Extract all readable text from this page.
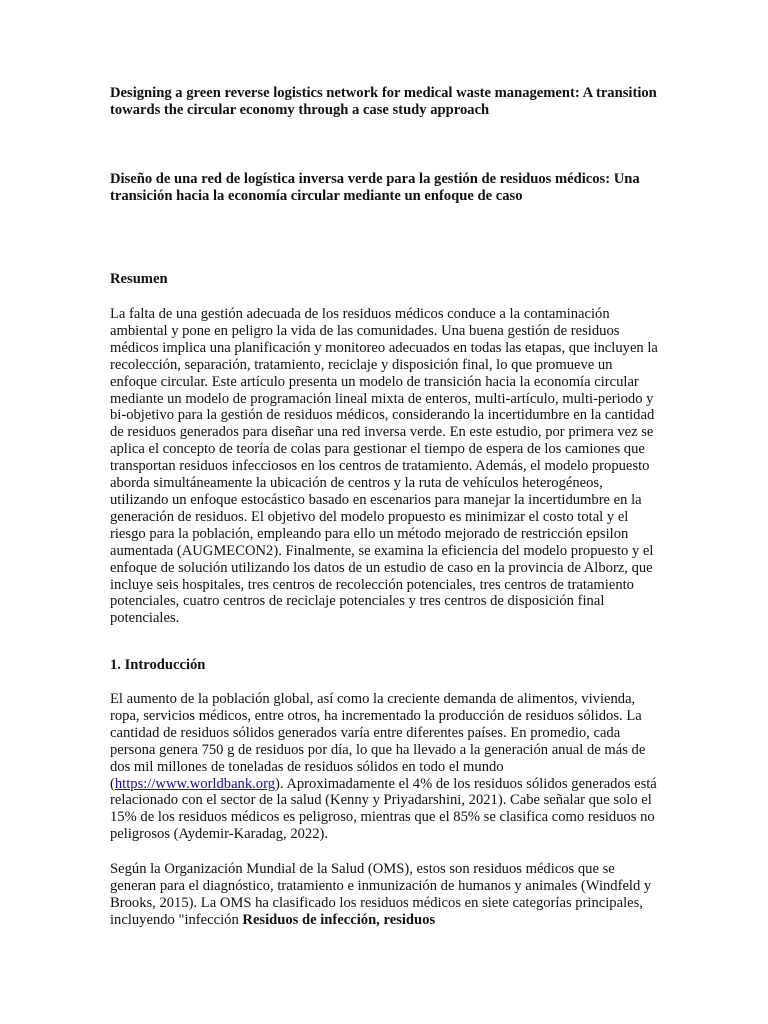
Designing a green reverse logistics network for medical waste management: A transition towards the circular economy through a case study approach
Diseño de una red de logística inversa verde para la gestión de residuos médicos: Una transición hacia la economía circular mediante un enfoque de caso
Resumen
La falta de una gestión adecuada de los residuos médicos conduce a la contaminación ambiental y pone en peligro la vida de las comunidades. Una buena gestión de residuos médicos implica una planificación y monitoreo adecuados en todas las etapas, que incluyen la recolección, separación, tratamiento, reciclaje y disposición final, lo que promueve un enfoque circular. Este artículo presenta un modelo de transición hacia la economía circular mediante un modelo de programación lineal mixta de enteros, multi-artículo, multi-periodo y bi-objetivo para la gestión de residuos médicos, considerando la incertidumbre en la cantidad de residuos generados para diseñar una red inversa verde. En este estudio, por primera vez se aplica el concepto de teoría de colas para gestionar el tiempo de espera de los camiones que transportan residuos infecciosos en los centros de tratamiento. Además, el modelo propuesto aborda simultáneamente la ubicación de centros y la ruta de vehículos heterogéneos, utilizando un enfoque estocástico basado en escenarios para manejar la incertidumbre en la generación de residuos. El objetivo del modelo propuesto es minimizar el costo total y el riesgo para la población, empleando para ello un método mejorado de restricción epsilon aumentada (AUGMECON2). Finalmente, se examina la eficiencia del modelo propuesto y el enfoque de solución utilizando los datos de un estudio de caso en la provincia de Alborz, que incluye seis hospitales, tres centros de recolección potenciales, tres centros de tratamiento potenciales, cuatro centros de reciclaje potenciales y tres centros de disposición final potenciales.
1. Introducción
El aumento de la población global, así como la creciente demanda de alimentos, vivienda, ropa, servicios médicos, entre otros, ha incrementado la producción de residuos sólidos. La cantidad de residuos sólidos generados varía entre diferentes países. En promedio, cada persona genera 750 g de residuos por día, lo que ha llevado a la generación anual de más de dos mil millones de toneladas de residuos sólidos en todo el mundo (https://www.worldbank.org). Aproximadamente el 4% de los residuos sólidos generados está relacionado con el sector de la salud (Kenny y Priyadarshini, 2021). Cabe señalar que solo el 15% de los residuos médicos es peligroso, mientras que el 85% se clasifica como residuos no peligrosos (Aydemir-Karadag, 2022).
Según la Organización Mundial de la Salud (OMS), estos son residuos médicos que se generan para el diagnóstico, tratamiento e inmunización de humanos y animales (Windfeld y Brooks, 2015). La OMS ha clasificado los residuos médicos en siete categorías principales, incluyendo "infección Residuos de infección, residuos
